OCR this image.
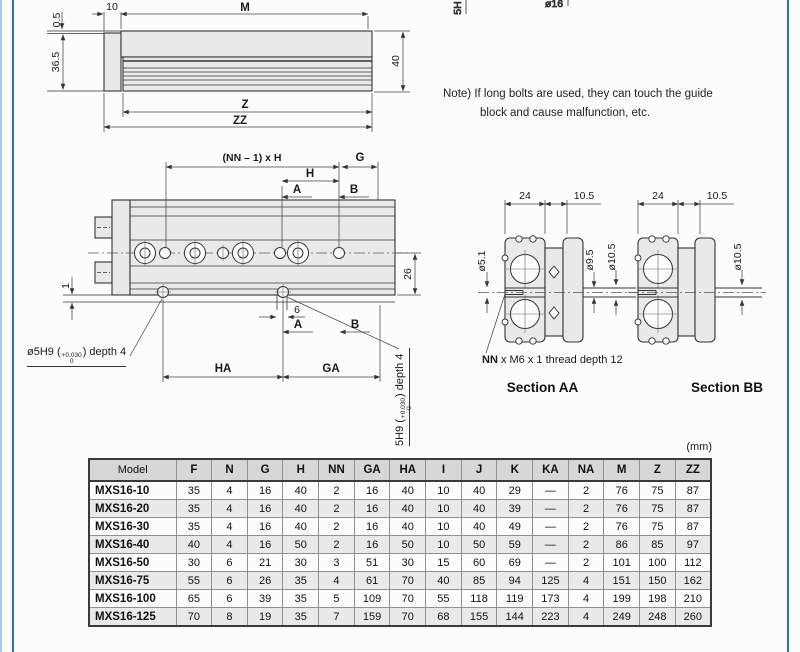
5H	ø16
0.5
10	M
36.5	40
Z
ZZ
(NN – 1) x H	G
H
A	B
26
1
6
A	B
HA	GA
24	10.5
ø5.1	ø9.5 ø10.5
24	10.5
ø10.5
Note) If long bolts are used, they can touch the guide
block and cause malfunction, etc.
ø5H9 ( +0.030
0
) depth 4
5H9 (
+0.030 0
) depth 4	NN x M6 x 1 thread depth 12
Section AA	Section BB
(mm)
Model	F	N	G	H	NN	GA	HA	I	J	K	KA	NA	M	Z	ZZ
MXS16-10	35	4	16	40	2	16	40	10	40	29	—	2	76	75	87
MXS16-20	35	4	16	40	2	16	40	10	40	39	—	2	76	75	87
MXS16-30	35	4	16	40	2	16	40	10	40	49	—	2	76	75	87
MXS16-40	40	4	16	50	2	16	50	10	50	59	—	2	86	85	97
MXS16-50	30	6	21	30	3	51	30	15	60	69	—	2	101	100	112
MXS16-75	55	6	26	35	4	61	70	40	85	94	125	4	151	150	162
MXS16-100	65	6	39	35	5	109	70	55	118	119	173	4	199	198	210
MXS16-125	70	8	19	35	7	159	70	68	155	144	223	4	249	248	260
